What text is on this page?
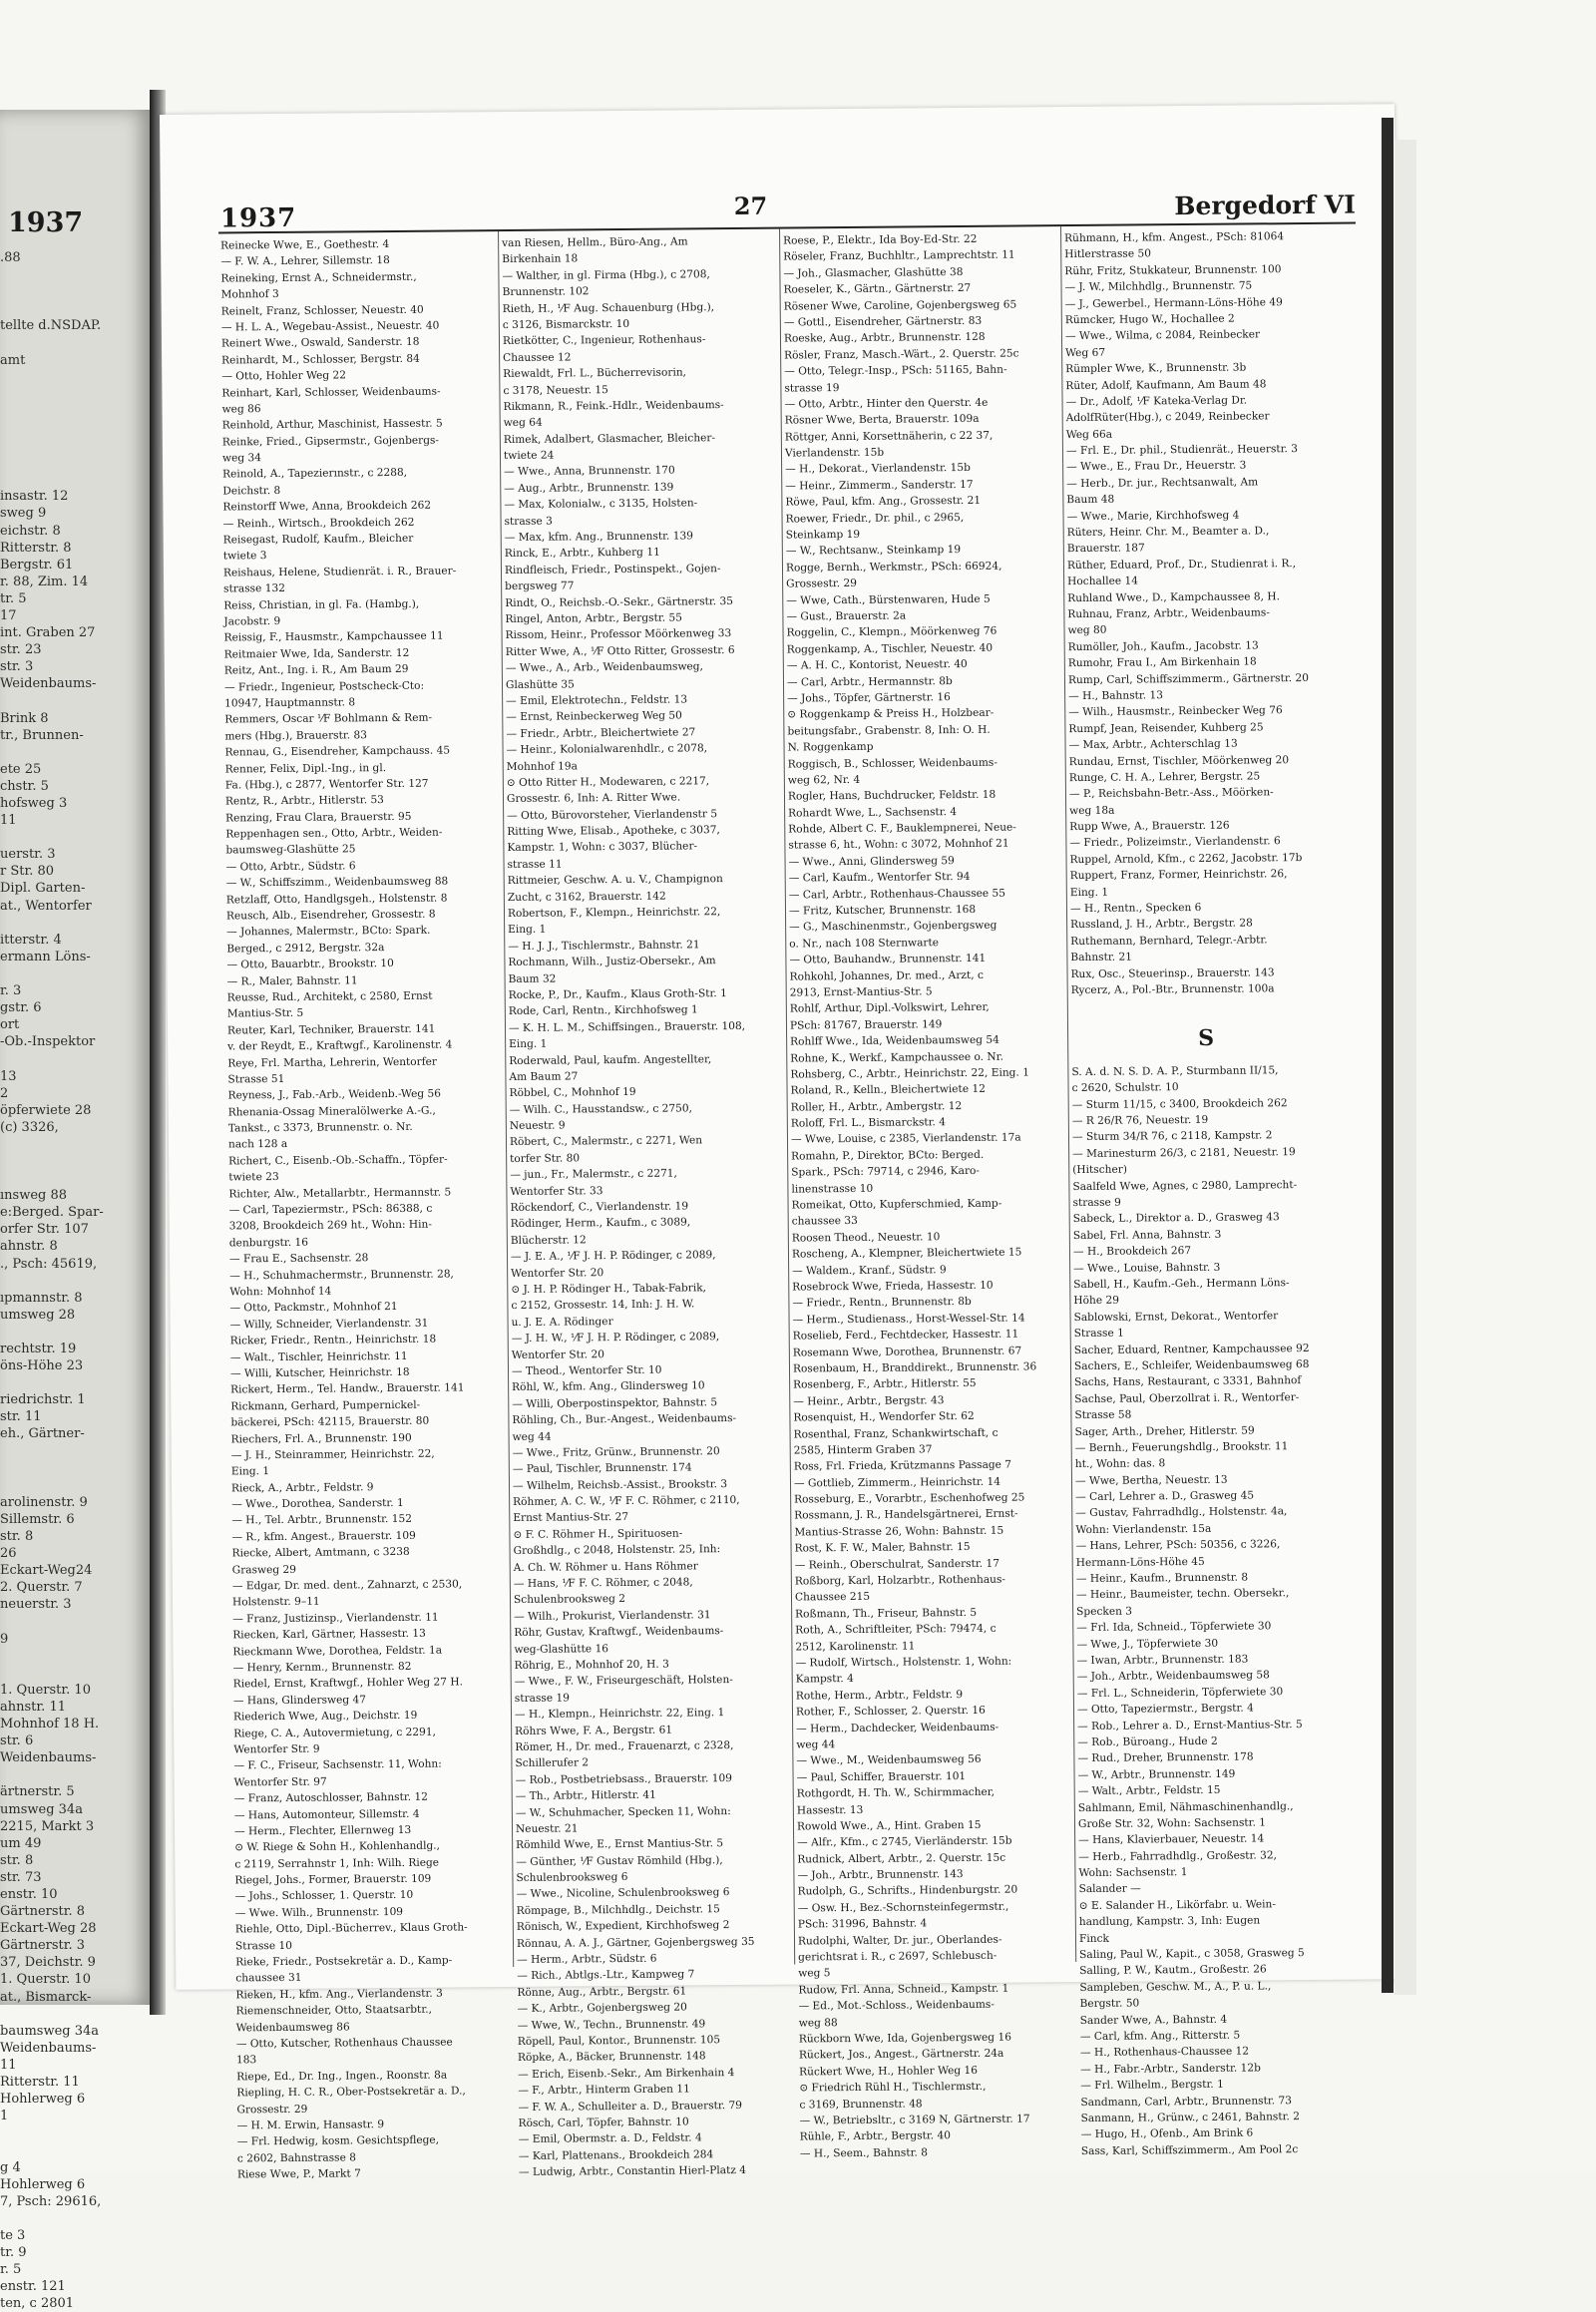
1937
.88
tellte d.NSDAP.
amt
insastr. 12
sweg 9
eichstr. 8
Ritterstr. 8
Bergstr. 61
r. 88, Zim. 14
tr. 5
17
int. Graben 27
str. 23
str. 3
Weidenbaums-
Brink 8
tr., Brunnen-
ete 25
chstr. 5
hofsweg 3
11
uerstr. 3
r Str. 80
Dipl. Garten-
at., Wentorfer
itterstr. 4
ermann Löns-
r. 3
gstr. 6
ort
-Ob.-Inspektor
13
2
öpferwiete 28
(ᴄ) 3326,
ınsweg 88
e:Berged. Spar-
orfer Str. 107
ahnstr. 8
., Psch: 45619,
ıpmannstr. 8
umsweg 28
rechtstr. 19
öns-Höhe 23
riedrichstr. 1
str. 11
eh., Gärtner-
arolinenstr. 9
Sillemstr. 6
str. 8
26
Eckart-Weg24
2. Querstr. 7
neuerstr. 3
9
1. Querstr. 10
ahnstr. 11
Mohnhof 18 H.
str. 6
Weidenbaums-
ärtnerstr. 5
umsweg 34a
2215, Markt 3
um 49
str. 8
str. 73
enstr. 10
Gärtnerstr. 8
Eckart-Weg 28
Gärtnerstr. 3
37, Deichstr. 9
1. Querstr. 10
at., Bismarck-
baumsweg 34a
Weidenbaums-
11
Ritterstr. 11
Hohlerweg 6
1
g 4
Hohlerweg 6
7, Psch: 29616,
te 3
tr. 9
r. 5
enstr. 121
ten, ᴄ 2801
1937	27	Bergedorf VI
Reinecke Wwe, E., Goethestr. 4
— F. W. A., Lehrer, Sillemstr. 18
Reineking, Ernst A., Schneidermstr.,
Mohnhof 3
Reinelt, Franz, Schlosser, Neuestr. 40
— H. L. A., Wegebau-Assist., Neuestr. 40
Reinert Wwe., Oswald, Sanderstr. 18
Reinhardt, M., Schlosser, Bergstr. 84
— Otto, Hohler Weg 22
Reinhart, Karl, Schlosser, Weidenbaums-
weg 86
Reinhold, Arthur, Maschinist, Hassestr. 5
Reinke, Fried., Gipsermstr., Gojenbergs-
weg 34
Reinold, A., Tapezierınstr., ᴄ 2288,
Deichstr. 8
Reinstorff Wwe, Anna, Brookdeich 262
— Reinh., Wirtsch., Brookdeich 262
Reisegast, Rudolf, Kaufm., Bleicher
twiete 3
Reishaus, Helene, Studienrät. i. R., Brauer-
strasse 132
Reiss, Christian, in gl. Fa. (Hambg.),
Jacobstr. 9
Reissig, F., Hausmstr., Kampchaussee 11
Reitmaier Wwe, Ida, Sanderstr. 12
Reitz, Ant., Ing. i. R., Am Baum 29
— Friedr., Ingenieur, Postscheck-Cto:
10947, Hauptmannstr. 8
Remmers, Oscar ⅟F Bohlmann & Rem-
mers (Hbg.), Brauerstr. 83
Rennau, G., Eisendreher, Kampchauss. 45
Renner, Felix, Dipl.-Ing., in gl.
Fa. (Hbg.), ᴄ 2877, Wentorfer Str. 127
Rentz, R., Arbtr., Hitlerstr. 53
Renzing, Frau Clara, Brauerstr. 95
Reppenhagen sen., Otto, Arbtr., Weiden-
baumsweg-Glashütte 25
— Otto, Arbtr., Südstr. 6
— W., Schiffszimm., Weidenbaumsweg 88
Retzlaff, Otto, Handlgsgeh., Holstenstr. 8
Reusch, Alb., Eisendreher, Grossestr. 8
— Johannes, Malermstr., BCto: Spark.
Berged., ᴄ 2912, Bergstr. 32a
— Otto, Bauarbtr., Brookstr. 10
— R., Maler, Bahnstr. 11
Reusse, Rud., Architekt, ᴄ 2580, Ernst
Mantius-Str. 5
Reuter, Karl, Techniker, Brauerstr. 141
v. der Reydt, E., Kraftwgf., Karolinenstr. 4
Reye, Frl. Martha, Lehrerin, Wentorfer
Strasse 51
Reyness, J., Fab.-Arb., Weidenb.-Weg 56
Rhenania-Ossag Mineralölwerke A.-G.,
Tankst., ᴄ 3373, Brunnenstr. o. Nr.
nach 128 a
Richert, C., Eisenb.-Ob.-Schaffn., Töpfer-
twiete 23
Richter, Alw., Metallarbtr., Hermannstr. 5
— Carl, Tapeziermstr., PSch: 86388, ᴄ
3208, Brookdeich 269 ht., Wohn: Hin-
denburgstr. 16
— Frau E., Sachsenstr. 28
— H., Schuhmachermstr., Brunnenstr. 28,
Wohn: Mohnhof 14
— Otto, Packmstr., Mohnhof 21
— Willy, Schneider, Vierlandenstr. 31
Ricker, Friedr., Rentn., Heinrichstr. 18
— Walt., Tischler, Heinrichstr. 11
— Willi, Kutscher, Heinrichstr. 18
Rickert, Herm., Tel. Handw., Brauerstr. 141
Rickmann, Gerhard, Pumpernickel-
bäckerei, PSch: 42115, Brauerstr. 80
Riechers, Frl. A., Brunnenstr. 190
— J. H., Steinrammer, Heinrichstr. 22,
Eing. 1
Rieck, A., Arbtr., Feldstr. 9
— Wwe., Dorothea, Sanderstr. 1
— H., Tel. Arbtr., Brunnenstr. 152
— R., kfm. Angest., Brauerstr. 109
Riecke, Albert, Amtmann, ᴄ 3238
Grasweg 29
— Edgar, Dr. med. dent., Zahnarzt, ᴄ 2530,
Holstenstr. 9–11
— Franz, Justizinsp., Vierlandenstr. 11
Riecken, Karl, Gärtner, Hassestr. 13
Rieckmann Wwe, Dorothea, Feldstr. 1a
— Henry, Kernm., Brunnenstr. 82
Riedel, Ernst, Kraftwgf., Hohler Weg 27 H.
— Hans, Glindersweg 47
Riederich Wwe, Aug., Deichstr. 19
Riege, C. A., Autovermietung, ᴄ 2291,
Wentorfer Str. 9
— F. C., Friseur, Sachsenstr. 11, Wohn:
Wentorfer Str. 97
— Franz, Autoschlosser, Bahnstr. 12
— Hans, Automonteur, Sillemstr. 4
— Herm., Flechter, Ellernweg 13
⊙ W. Riege & Sohn H., Kohlenhandlg.,
ᴄ 2119, Serrahnstr 1, Inh: Wilh. Riege
Riegel, Johs., Former, Brauerstr. 109
— Johs., Schlosser, 1. Querstr. 10
— Wwe. Wilh., Brunnenstr. 109
Riehle, Otto, Dipl.-Bücherrev., Klaus Groth-
Strasse 10
Rieke, Friedr., Postsekretär a. D., Kamp-
chaussee 31
Rieken, H., kfm. Ang., Vierlandenstr. 3
Riemenschneider, Otto, Staatsarbtr.,
Weidenbaumsweg 86
— Otto, Kutscher, Rothenhaus Chaussee
183
Riepe, Ed., Dr. Ing., Ingen., Roonstr. 8a
Riepling, H. C. R., Ober-Postsekretär a. D.,
Grossestr. 29
— H. M. Erwin, Hansastr. 9
— Frl. Hedwig, kosm. Gesichtspflege,
ᴄ 2602, Bahnstrasse 8
Riese Wwe, P., Markt 7
van Riesen, Hellm., Büro-Ang., Am
Birkenhain 18
— Walther, in gl. Firma (Hbg.), ᴄ 2708,
Brunnenstr. 102
Rieth, H., ⅟F Aug. Schauenburg (Hbg.),
ᴄ 3126, Bismarckstr. 10
Rietkötter, C., Ingenieur, Rothenhaus-
Chaussee 12
Riewaldt, Frl. L., Bücherrevisorin,
ᴄ 3178, Neuestr. 15
Rikmann, R., Feink.-Hdlr., Weidenbaums-
weg 64
Rimek, Adalbert, Glasmacher, Bleicher-
twiete 24
— Wwe., Anna, Brunnenstr. 170
— Aug., Arbtr., Brunnenstr. 139
— Max, Kolonialw., ᴄ 3135, Holsten-
strasse 3
— Max, kfm. Ang., Brunnenstr. 139
Rinck, E., Arbtr., Kuhberg 11
Rindfleisch, Friedr., Postinspekt., Gojen-
bergsweg 77
Rindt, O., Reichsb.-O.-Sekr., Gärtnerstr. 35
Ringel, Anton, Arbtr., Bergstr. 55
Rissom, Heinr., Professor Möörkenweg 33
Ritter Wwe, A., ⅟F Otto Ritter, Grossestr. 6
— Wwe., A., Arb., Weidenbaumsweg,
Glashütte 35
— Emil, Elektrotechn., Feldstr. 13
— Ernst, Reinbeckerweg Weg 50
— Friedr., Arbtr., Bleichertwiete 27
— Heinr., Kolonialwarenhdlr., ᴄ 2078,
Mohnhof 19a
⊙ Otto Ritter H., Modewaren, ᴄ 2217,
Grossestr. 6, Inh: A. Ritter Wwe.
— Otto, Bürovorsteher, Vierlandenstr 5
Ritting Wwe, Elisab., Apotheke, ᴄ 3037,
Kampstr. 1, Wohn: ᴄ 3037, Blücher-
strasse 11
Rittmeier, Geschw. A. u. V., Champignon
Zucht, ᴄ 3162, Brauerstr. 142
Robertson, F., Klempn., Heinrichstr. 22,
Eing. 1
— H. J. J., Tischlermstr., Bahnstr. 21
Rochmann, Wilh., Justiz-Obersekr., Am
Baum 32
Rocke, P., Dr., Kaufm., Klaus Groth-Str. 1
Rode, Carl, Rentn., Kirchhofsweg 1
— K. H. L. M., Schiffsingen., Brauerstr. 108,
Eing. 1
Roderwald, Paul, kaufm. Angestellter,
Am Baum 27
Röbbel, C., Mohnhof 19
— Wilh. C., Hausstandsw., ᴄ 2750,
Neuestr. 9
Röbert, C., Malermstr., ᴄ 2271, Wen
torfer Str. 80
— jun., Fr., Malermstr., ᴄ 2271,
Wentorfer Str. 33
Röckendorf, C., Vierlandenstr. 19
Rödinger, Herm., Kaufm., ᴄ 3089,
Blücherstr. 12
— J. E. A., ⅟F J. H. P. Rödinger, ᴄ 2089,
Wentorfer Str. 20
⊙ J. H. P. Rödinger H., Tabak-Fabrik,
ᴄ 2152, Grossestr. 14, Inh: J. H. W.
u. J. E. A. Rödinger
— J. H. W., ⅟F J. H. P. Rödinger, ᴄ 2089,
Wentorfer Str. 20
— Theod., Wentorfer Str. 10
Röhl, W., kfm. Ang., Glindersweg 10
— Willi, Oberpostinspektor, Bahnstr. 5
Röhling, Ch., Bur.-Angest., Weidenbaums-
weg 44
— Wwe., Fritz, Grünw., Brunnenstr. 20
— Paul, Tischler, Brunnenstr. 174
— Wilhelm, Reichsb.-Assist., Brookstr. 3
Röhmer, A. C. W., ⅟F F. C. Röhmer, ᴄ 2110,
Ernst Mantius-Str. 27
⊙ F. C. Röhmer H., Spirituosen-
Großhdlg., ᴄ 2048, Holstenstr. 25, Inh:
A. Ch. W. Röhmer u. Hans Röhmer
— Hans, ⅟F F. C. Röhmer, ᴄ 2048,
Schulenbrooksweg 2
— Wilh., Prokurist, Vierlandenstr. 31
Röhr, Gustav, Kraftwgf., Weidenbaums-
weg-Glashütte 16
Röhrig, E., Mohnhof 20, H. 3
— Wwe., F. W., Friseurgeschäft, Holsten-
strasse 19
— H., Klempn., Heinrichstr. 22, Eing. 1
Röhrs Wwe, F. A., Bergstr. 61
Römer, H., Dr. med., Frauenarzt, ᴄ 2328,
Schillerufer 2
— Rob., Postbetriebsass., Brauerstr. 109
— Th., Arbtr., Hitlerstr. 41
— W., Schuhmacher, Specken 11, Wohn:
Neuestr. 21
Römhild Wwe, E., Ernst Mantius-Str. 5
— Günther, ⅟F Gustav Römhild (Hbg.),
Schulenbrooksweg 6
— Wwe., Nicoline, Schulenbrooksweg 6
Römpage, B., Milchhdlg., Deichstr. 15
Rönisch, W., Expedient, Kirchhofsweg 2
Rönnau, A. A. J., Gärtner, Gojenbergsweg 35
— Herm., Arbtr., Südstr. 6
— Rich., Abtlgs.-Ltr., Kampweg 7
Rönne, Aug., Arbtr., Bergstr. 61
— K., Arbtr., Gojenbergsweg 20
— Wwe, W., Techn., Brunnenstr. 49
Röpell, Paul, Kontor., Brunnenstr. 105
Röpke, A., Bäcker, Brunnenstr. 148
— Erich, Eisenb.-Sekr., Am Birkenhain 4
— F., Arbtr., Hinterm Graben 11
— F. W. A., Schulleiter a. D., Brauerstr. 79
Rösch, Carl, Töpfer, Bahnstr. 10
— Emil, Obermstr. a. D., Feldstr. 4
— Karl, Plattenans., Brookdeich 284
— Ludwig, Arbtr., Constantin Hierl-Platz 4
Roese, P., Elektr., Ida Boy-Ed-Str. 22
Röseler, Franz, Buchhltr., Lamprechtstr. 11
— Joh., Glasmacher, Glashütte 38
Roeseler, K., Gärtn., Gärtnerstr. 27
Rösener Wwe, Caroline, Gojenbergsweg 65
— Gottl., Eisendreher, Gärtnerstr. 83
Roeske, Aug., Arbtr., Brunnenstr. 128
Rösler, Franz, Masch.-Wärt., 2. Querstr. 25c
— Otto, Telegr.-Insp., PSch: 51165, Bahn-
strasse 19
— Otto, Arbtr., Hinter den Querstr. 4e
Rösner Wwe, Berta, Brauerstr. 109a
Röttger, Anni, Korsettnäherin, ᴄ 22 37,
Vierlandenstr. 15b
— H., Dekorat., Vierlandenstr. 15b
— Heinr., Zimmerm., Sanderstr. 17
Röwe, Paul, kfm. Ang., Grossestr. 21
Roewer, Friedr., Dr. phil., ᴄ 2965,
Steinkamp 19
— W., Rechtsanw., Steinkamp 19
Rogge, Bernh., Werkmstr., PSch: 66924,
Grossestr. 29
— Wwe, Cath., Bürstenwaren, Hude 5
— Gust., Brauerstr. 2a
Roggelin, C., Klempn., Möörkenweg 76
Roggenkamp, A., Tischler, Neuestr. 40
— A. H. C., Kontorist, Neuestr. 40
— Carl, Arbtr., Hermannstr. 8b
— Johs., Töpfer, Gärtnerstr. 16
⊙ Roggenkamp & Preiss H., Holzbear-
beitungsfabr., Grabenstr. 8, Inh: O. H.
N. Roggenkamp
Roggisch, B., Schlosser, Weidenbaums-
weg 62, Nr. 4
Rogler, Hans, Buchdrucker, Feldstr. 18
Rohardt Wwe, L., Sachsenstr. 4
Rohde, Albert C. F., Bauklempnerei, Neue-
strasse 6, ht., Wohn: ᴄ 3072, Mohnhof 21
— Wwe., Anni, Glindersweg 59
— Carl, Kaufm., Wentorfer Str. 94
— Carl, Arbtr., Rothenhaus-Chaussee 55
— Fritz, Kutscher, Brunnenstr. 168
— G., Maschinenmstr., Gojenbergsweg
o. Nr., nach 108 Sternwarte
— Otto, Bauhandw., Brunnenstr. 141
Rohkohl, Johannes, Dr. med., Arzt, ᴄ
2913, Ernst-Mantius-Str. 5
Rohlf, Arthur, Dipl.-Volkswirt, Lehrer,
PSch: 81767, Brauerstr. 149
Rohlff Wwe., Ida, Weidenbaumsweg 54
Rohne, K., Werkf., Kampchaussee o. Nr.
Rohsberg, C., Arbtr., Heinrichstr. 22, Eing. 1
Roland, R., Kelln., Bleichertwiete 12
Roller, H., Arbtr., Ambergstr. 12
Roloff, Frl. L., Bismarckstr. 4
— Wwe, Louise, ᴄ 2385, Vierlandenstr. 17a
Romahn, P., Direktor, BCto: Berged.
Spark., PSch: 79714, ᴄ 2946, Karo-
linenstrasse 10
Romeikat, Otto, Kupferschmied, Kamp-
chaussee 33
Roosen Theod., Neuestr. 10
Roscheng, A., Klempner, Bleichertwiete 15
— Waldem., Kranf., Südstr. 9
Rosebrock Wwe, Frieda, Hassestr. 10
— Friedr., Rentn., Brunnenstr. 8b
— Herm., Studienass., Horst-Wessel-Str. 14
Roselieb, Ferd., Fechtdecker, Hassestr. 11
Rosemann Wwe, Dorothea, Brunnenstr. 67
Rosenbaum, H., Branddirekt., Brunnenstr. 36
Rosenberg, F., Arbtr., Hitlerstr. 55
— Heinr., Arbtr., Bergstr. 43
Rosenquist, H., Wendorfer Str. 62
Rosenthal, Franz, Schankwirtschaft, ᴄ
2585, Hinterm Graben 37
Ross, Frl. Frieda, Krützmanns Passage 7
— Gottlieb, Zimmerm., Heinrichstr. 14
Rosseburg, E., Vorarbtr., Eschenhofweg 25
Rossmann, J. R., Handelsgärtnerei, Ernst-
Mantius-Strasse 26, Wohn: Bahnstr. 15
Rost, K. F. W., Maler, Bahnstr. 15
— Reinh., Oberschulrat, Sanderstr. 17
Roßborg, Karl, Holzarbtr., Rothenhaus-
Chaussee 215
Roßmann, Th., Friseur, Bahnstr. 5
Roth, A., Schriftleiter, PSch: 79474, ᴄ
2512, Karolinenstr. 11
— Rudolf, Wirtsch., Holstenstr. 1, Wohn:
Kampstr. 4
Rothe, Herm., Arbtr., Feldstr. 9
Rother, F., Schlosser, 2. Querstr. 16
— Herm., Dachdecker, Weidenbaums-
weg 44
— Wwe., M., Weidenbaumsweg 56
— Paul, Schiffer, Brauerstr. 101
Rothgordt, H. Th. W., Schirmmacher,
Hassestr. 13
Rowold Wwe., A., Hint. Graben 15
— Alfr., Kfm., ᴄ 2745, Vierländerstr. 15b
Rudnick, Albert, Arbtr., 2. Querstr. 15c
— Joh., Arbtr., Brunnenstr. 143
Rudolph, G., Schrifts., Hindenburgstr. 20
— Osw. H., Bez.-Schornsteinfegermstr.,
PSch: 31996, Bahnstr. 4
Rudolphi, Walter, Dr. jur., Oberlandes-
gerichtsrat i. R., ᴄ 2697, Schlebusch-
weg 5
Rudow, Frl. Anna, Schneid., Kampstr. 1
— Ed., Mot.-Schloss., Weidenbaums-
weg 88
Rückborn Wwe, Ida, Gojenbergsweg 16
Rückert, Jos., Angest., Gärtnerstr. 24a
Rückert Wwe, H., Hohler Weg 16
⊙ Friedrich Rühl H., Tischlermstr.,
ᴄ 3169, Brunnenstr. 48
— W., Betriebsltr., ᴄ 3169 N, Gärtnerstr. 17
Rühle, F., Arbtr., Bergstr. 40
— H., Seem., Bahnstr. 8
Rühmann, H., kfm. Angest., PSch: 81064
Hitlerstrasse 50
Rühr, Fritz, Stukkateur, Brunnenstr. 100
— J. W., Milchhdlg., Brunnenstr. 75
— J., Gewerbel., Hermann-Löns-Höhe 49
Rümcker, Hugo W., Hochallee 2
— Wwe., Wilma, ᴄ 2084, Reinbecker
Weg 67
Rümpler Wwe, K., Brunnenstr. 3b
Rüter, Adolf, Kaufmann, Am Baum 48
— Dr., Adolf, ⅟F Kateka-Verlag Dr.
AdolfRüter(Hbg.), ᴄ 2049, Reinbecker
Weg 66a
— Frl. E., Dr. phil., Studienrät., Heuerstr. 3
— Wwe., E., Frau Dr., Heuerstr. 3
— Herb., Dr. jur., Rechtsanwalt, Am
Baum 48
— Wwe., Marie, Kirchhofsweg 4
Rüters, Heinr. Chr. M., Beamter a. D.,
Brauerstr. 187
Rüther, Eduard, Prof., Dr., Studienrat i. R.,
Hochallee 14
Ruhland Wwe., D., Kampchaussee 8, H.
Ruhnau, Franz, Arbtr., Weidenbaums-
weg 80
Rumöller, Joh., Kaufm., Jacobstr. 13
Rumohr, Frau I., Am Birkenhain 18
Rump, Carl, Schiffszimmerm., Gärtnerstr. 20
— H., Bahnstr. 13
— Wilh., Hausmstr., Reinbecker Weg 76
Rumpf, Jean, Reisender, Kuhberg 25
— Max, Arbtr., Achterschlag 13
Rundau, Ernst, Tischler, Möörkenweg 20
Runge, C. H. A., Lehrer, Bergstr. 25
— P., Reichsbahn-Betr.-Ass., Möörken-
weg 18a
Rupp Wwe, A., Brauerstr. 126
— Friedr., Polizeimstr., Vierlandenstr. 6
Ruppel, Arnold, Kfm., ᴄ 2262, Jacobstr. 17b
Ruppert, Franz, Former, Heinrichstr. 26,
Eing. 1
— H., Rentn., Specken 6
Russland, J. H., Arbtr., Bergstr. 28
Ruthemann, Bernhard, Telegr.-Arbtr.
Bahnstr. 21
Rux, Osc., Steuerinsp., Brauerstr. 143
Rycerz, A., Pol.-Btr., Brunnenstr. 100a
S
S. A. d. N. S. D. A. P., Sturmbann II/15,
ᴄ 2620, Schulstr. 10
— Sturm 11/15, ᴄ 3400, Brookdeich 262
— R 26/R 76, Neuestr. 19
— Sturm 34/R 76, ᴄ 2118, Kampstr. 2
— Marinesturm 26/3, ᴄ 2181, Neuestr. 19
(Hitscher)
Saalfeld Wwe, Agnes, ᴄ 2980, Lamprecht-
strasse 9
Sabeck, L., Direktor a. D., Grasweg 43
Sabel, Frl. Anna, Bahnstr. 3
— H., Brookdeich 267
— Wwe., Louise, Bahnstr. 3
Sabell, H., Kaufm.-Geh., Hermann Löns-
Höhe 29
Sablowski, Ernst, Dekorat., Wentorfer
Strasse 1
Sacher, Eduard, Rentner, Kampchaussee 92
Sachers, E., Schleifer, Weidenbaumsweg 68
Sachs, Hans, Restaurant, ᴄ 3331, Bahnhof
Sachse, Paul, Oberzollrat i. R., Wentorfer-
Strasse 58
Sager, Arth., Dreher, Hitlerstr. 59
— Bernh., Feuerungshdlg., Brookstr. 11
ht., Wohn: das. 8
— Wwe, Bertha, Neuestr. 13
— Carl, Lehrer a. D., Grasweg 45
— Gustav, Fahrradhdlg., Holstenstr. 4a,
Wohn: Vierlandenstr. 15a
— Hans, Lehrer, PSch: 50356, ᴄ 3226,
Hermann-Löns-Höhe 45
— Heinr., Kaufm., Brunnenstr. 8
— Heinr., Baumeister, techn. Obersekr.,
Specken 3
— Frl. Ida, Schneid., Töpferwiete 30
— Wwe, J., Töpferwiete 30
— Iwan, Arbtr., Brunnenstr. 183
— Joh., Arbtr., Weidenbaumsweg 58
— Frl. L., Schneiderin, Töpferwiete 30
— Otto, Tapeziermstr., Bergstr. 4
— Rob., Lehrer a. D., Ernst-Mantius-Str. 5
— Rob., Büroang., Hude 2
— Rud., Dreher, Brunnenstr. 178
— W., Arbtr., Brunnenstr. 149
— Walt., Arbtr., Feldstr. 15
Sahlmann, Emil, Nähmaschinenhandlg.,
Große Str. 32, Wohn: Sachsenstr. 1
— Hans, Klavierbauer, Neuestr. 14
— Herb., Fahrradhdlg., Großestr. 32,
Wohn: Sachsenstr. 1
Salander —
⊙ E. Salander H., Likörfabr. u. Wein-
handlung, Kampstr. 3, Inh: Eugen
Finck
Saling, Paul W., Kapit., ᴄ 3058, Grasweg 5
Salling, P. W., Kautm., Großestr. 26
Sampleben, Geschw. M., A., P. u. L.,
Bergstr. 50
Sander Wwe, A., Bahnstr. 4
— Carl, kfm. Ang., Ritterstr. 5
— H., Rothenhaus-Chaussee 12
— H., Fabr.-Arbtr., Sanderstr. 12b
— Frl. Wilhelm., Bergstr. 1
Sandmann, Carl, Arbtr., Brunnenstr. 73
Sanmann, H., Grünw., ᴄ 2461, Bahnstr. 2
— Hugo, H., Ofenb., Am Brink 6
Sass, Karl, Schiffszimmerm., Am Pool 2c
